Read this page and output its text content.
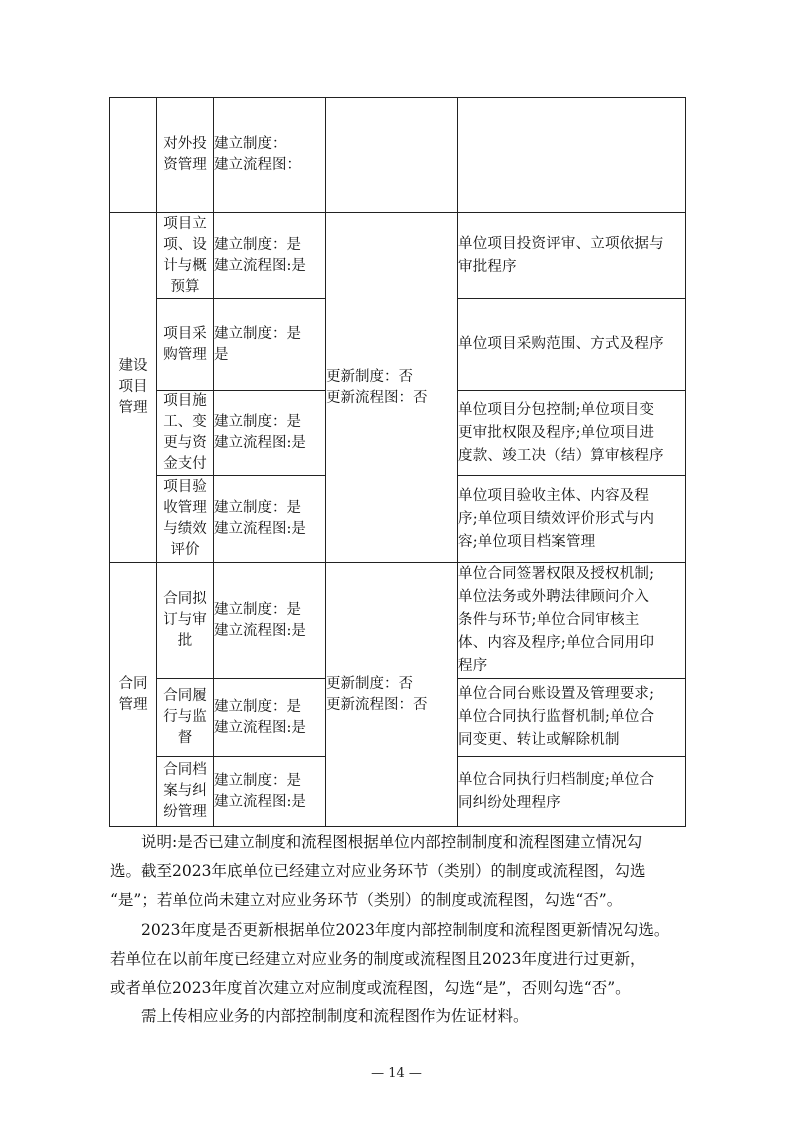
	对外投
资管理	建立制度：
建立流程图：		

建设
项目
管理	项目立
项、设
计与概
预算	建立制度：是
建立流程图:是	更新制度：否
更新流程图：否	单位项目投资评审、立项依据与
审批程序

	项目采
购管理	建立制度：是
是		单位项目采购范围、方式及程序

	项目施
工、变
更与资
金支付	建立制度：是
建立流程图:是		单位项目分包控制;单位项目变
更审批权限及程序;单位项目进
度款、竣工决（结）算审核程序

	项目验
收管理
与绩效
评价	建立制度：是
建立流程图:是		单位项目验收主体、内容及程
序;单位项目绩效评价形式与内
容;单位项目档案管理

合同
管理	合同拟
订与审
批	建立制度：是
建立流程图:是	更新制度：否
更新流程图：否	单位合同签署权限及授权机制;
单位法务或外聘法律顾问介入
条件与环节;单位合同审核主
体、内容及程序;单位合同用印
程序

	合同履
行与监
督	建立制度：是
建立流程图:是		单位合同台账设置及管理要求;
单位合同执行监督机制;单位合
同变更、转让或解除机制

	合同档
案与纠
纷管理	建立制度：是
建立流程图:是		单位合同执行归档制度;单位合
同纠纷处理程序

说明:是否已建立制度和流程图根据单位内部控制制度和流程图建立情况勾

选。截至2023年底单位已经建立对应业务环节（类别）的制度或流程图，勾选

“是”；若单位尚未建立对应业务环节（类别）的制度或流程图，勾选“否”。

2023年度是否更新根据单位2023年度内部控制制度和流程图更新情况勾选。

若单位在以前年度已经建立对应业务的制度或流程图且2023年度进行过更新，

或者单位2023年度首次建立对应制度或流程图，勾选“是”，否则勾选“否”。

需上传相应业务的内部控制制度和流程图作为佐证材料。

— 14 —
